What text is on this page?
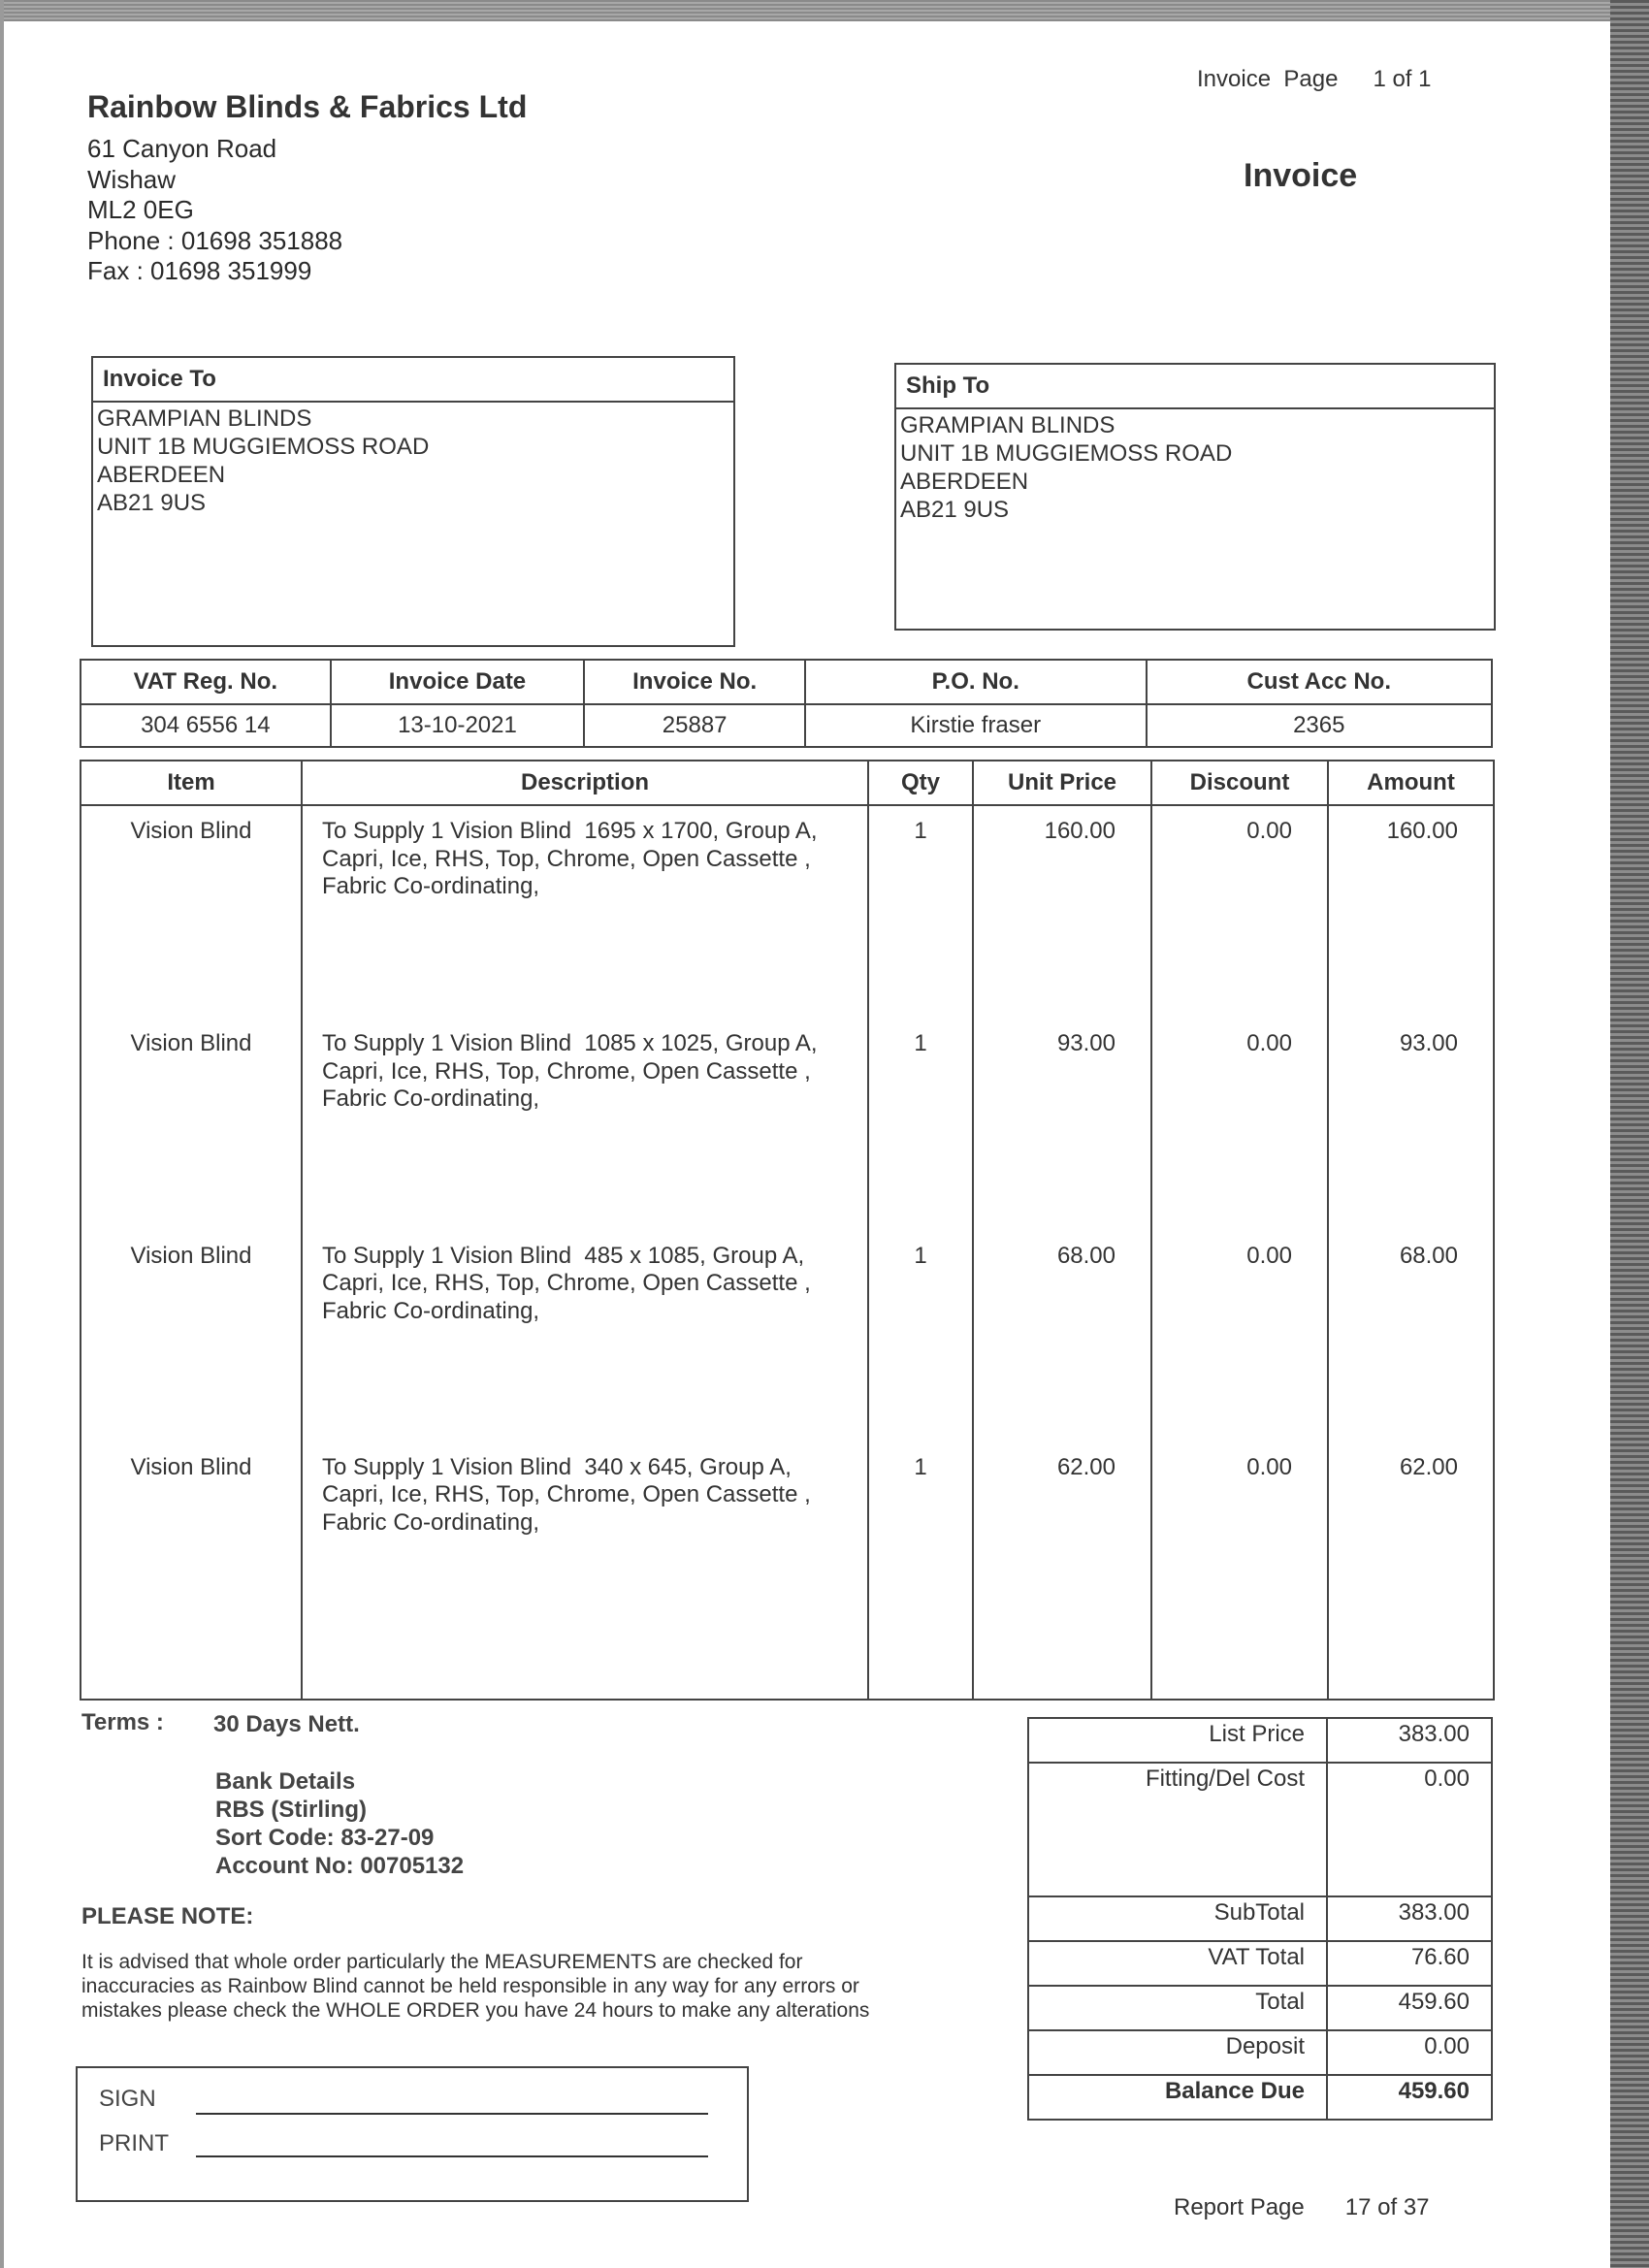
Rainbow Blinds & Fabrics Ltd
61 Canyon Road
Wishaw
ML2 0EG
Phone : 01698 351888
Fax : 01698 351999
Invoice  Page 1 of 1
Invoice
Invoice To
GRAMPIAN BLINDS
UNIT 1B MUGGIEMOSS ROAD
ABERDEEN
AB21 9US
Ship To
GRAMPIAN BLINDS
UNIT 1B MUGGIEMOSS ROAD
ABERDEEN
AB21 9US
VAT Reg. No.	Invoice Date	Invoice No.	P.O. No.	Cust Acc No.
304 6556 14	13-10-2021	25887	Kirstie fraser	2365
Item	Description	Qty	Unit Price	Discount	Amount
Vision Blind	To Supply 1 Vision Blind  1695 x 1700, Group A,
Capri, Ice, RHS, Top, Chrome, Open Cassette ,
Fabric Co-ordinating,	1	160.00	0.00	160.00
Vision Blind	To Supply 1 Vision Blind  1085 x 1025, Group A,
Capri, Ice, RHS, Top, Chrome, Open Cassette ,
Fabric Co-ordinating,	1	93.00	0.00	93.00
Vision Blind	To Supply 1 Vision Blind  485 x 1085, Group A,
Capri, Ice, RHS, Top, Chrome, Open Cassette ,
Fabric Co-ordinating,	1	68.00	0.00	68.00
Vision Blind	To Supply 1 Vision Blind  340 x 645, Group A,
Capri, Ice, RHS, Top, Chrome, Open Cassette ,
Fabric Co-ordinating,	1	62.00	0.00	62.00

Terms : 30 Days Nett.
Bank Details
RBS (Stirling)
Sort Code: 83-27-09
Account No: 00705132
PLEASE NOTE:
It is advised that whole order particularly the MEASUREMENTS are checked for
inaccuracies as Rainbow Blind cannot be held responsible in any way for any errors or
mistakes please check the WHOLE ORDER you have 24 hours to make any alterations
SIGN
PRINT
List Price	383.00
Fitting/Del Cost	0.00
SubTotal	383.00
VAT Total	76.60
Total	459.60
Deposit	0.00
Balance Due	459.60
Report Page 17 of 37
